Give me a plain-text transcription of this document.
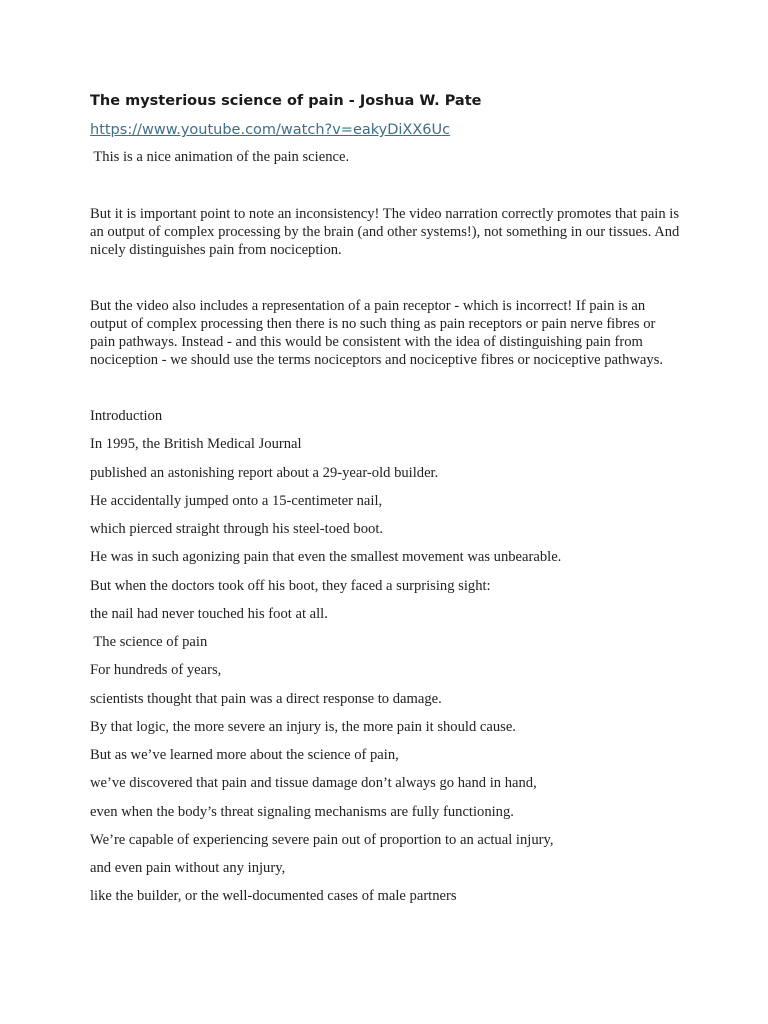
The mysterious science of pain - Joshua W. Pate
https://www.youtube.com/watch?v=eakyDiXX6Uc
This is a nice animation of the pain science.

But it is important point to note an inconsistency! The video narration correctly promotes that pain is an output of complex processing by the brain (and other systems!), not something in our tissues. And nicely distinguishes pain from nociception.

But the video also includes a representation of a pain receptor - which is incorrect! If pain is an output of complex processing then there is no such thing as pain receptors or pain nerve fibres or pain pathways. Instead - and this would be consistent with the idea of distinguishing pain from nociception - we should use the terms nociceptors and nociceptive fibres or nociceptive pathways.

Introduction
In 1995, the British Medical Journal
published an astonishing report about a 29-year-old builder.
He accidentally jumped onto a 15-centimeter nail,
which pierced straight through his steel-toed boot.
He was in such agonizing pain that even the smallest movement was unbearable.
But when the doctors took off his boot, they faced a surprising sight:
the nail had never touched his foot at all.
The science of pain
For hundreds of years,
scientists thought that pain was a direct response to damage.
By that logic, the more severe an injury is, the more pain it should cause.
But as we’ve learned more about the science of pain,
we’ve discovered that pain and tissue damage don’t always go hand in hand,
even when the body’s threat signaling mechanisms are fully functioning.
We’re capable of experiencing severe pain out of proportion to an actual injury,
and even pain without any injury,
like the builder, or the well-documented cases of male partners
